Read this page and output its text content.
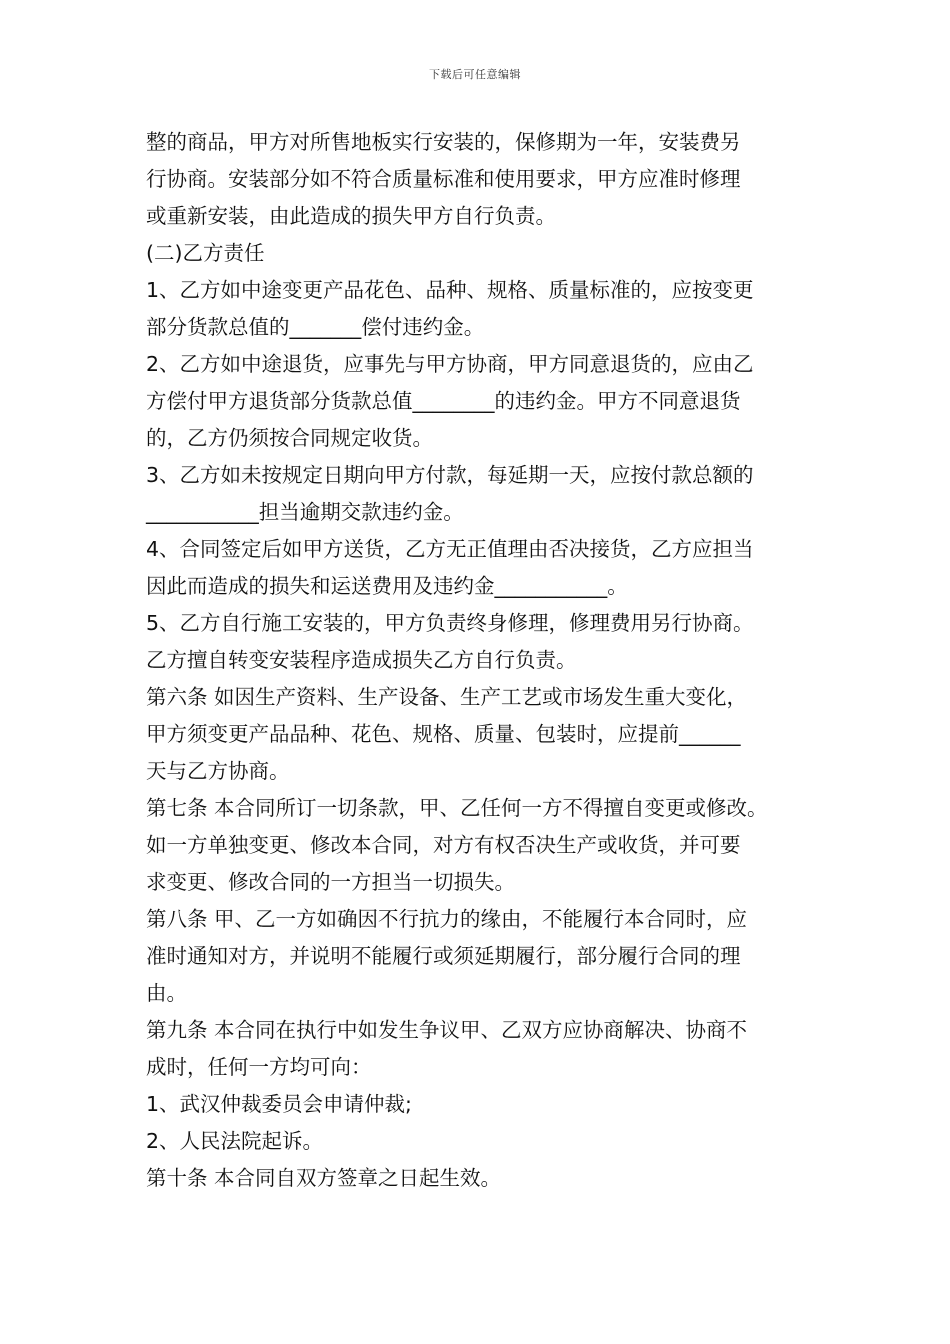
下载后可任意编辑
整的商品，甲方对所售地板实行安装的，保修期为一年，安装费另
行协商。安装部分如不符合质量标准和使用要求，甲方应准时修理
或重新安装，由此造成的损失甲方自行负责。
(二)乙方责任
1、乙方如中途变更产品花色、品种、规格、质量标准的，应按变更
部分货款总值的_______偿付违约金。
2、乙方如中途退货，应事先与甲方协商，甲方同意退货的，应由乙
方偿付甲方退货部分货款总值________的违约金。甲方不同意退货
的，乙方仍须按合同规定收货。
3、乙方如未按规定日期向甲方付款，每延期一天，应按付款总额的
___________担当逾期交款违约金。
4、合同签定后如甲方送货，乙方无正值理由否决接货，乙方应担当
因此而造成的损失和运送费用及违约金___________。
5、乙方自行施工安装的，甲方负责终身修理，修理费用另行协商。
乙方擅自转变安装程序造成损失乙方自行负责。
第六条 如因生产资料、生产设备、生产工艺或市场发生重大变化，
甲方须变更产品品种、花色、规格、质量、包装时，应提前______
天与乙方协商。
第七条 本合同所订一切条款，甲、乙任何一方不得擅自变更或修改。
如一方单独变更、修改本合同，对方有权否决生产或收货，并可要
求变更、修改合同的一方担当一切损失。
第八条 甲、乙一方如确因不行抗力的缘由，不能履行本合同时，应
准时通知对方，并说明不能履行或须延期履行，部分履行合同的理
由。
第九条 本合同在执行中如发生争议甲、乙双方应协商解决、协商不
成时，任何一方均可向：
1、武汉仲裁委员会申请仲裁;
2、人民法院起诉。
第十条 本合同自双方签章之日起生效。
